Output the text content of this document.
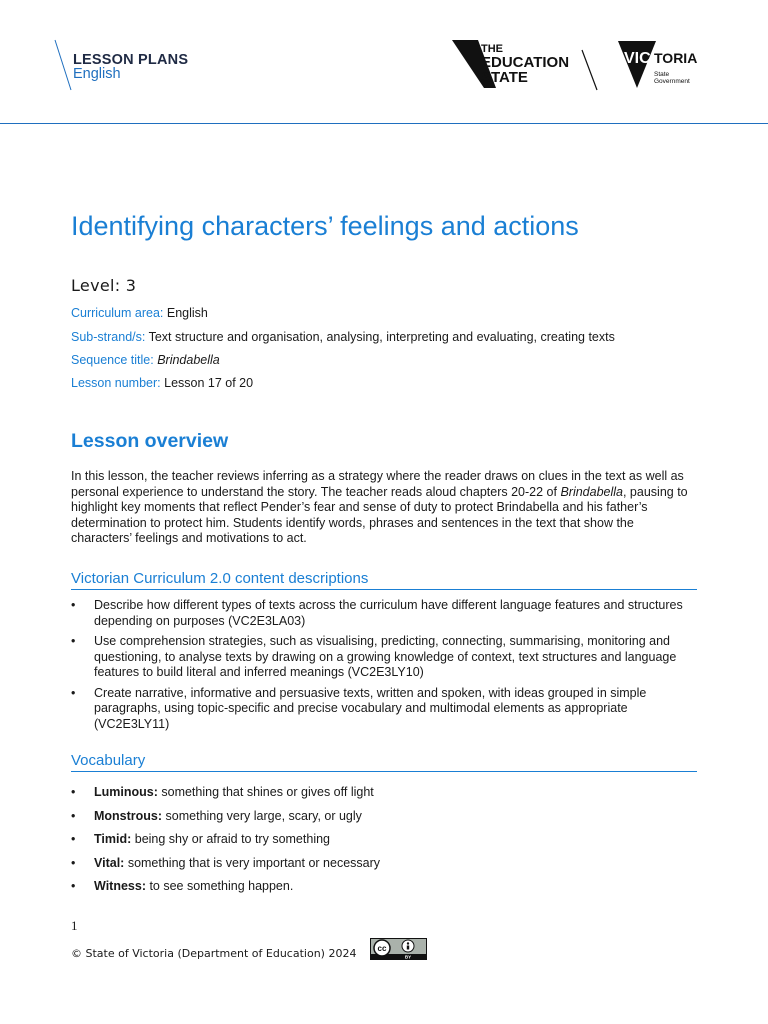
LESSON PLANS
English
THE
EDUCATION
STATE
VIC TORIA
State
Government
Identifying characters’ feelings and actions
Level: 3
Curriculum area: English
Sub-strand/s: Text structure and organisation, analysing, interpreting and evaluating, creating texts
Sequence title: Brindabella
Lesson number: Lesson 17 of 20
Lesson overview

In this lesson, the teacher reviews inferring as a strategy where the reader draws on clues in the text as well as personal experience to understand the story. The teacher reads aloud chapters 20-22 of Brindabella, pausing to highlight key moments that reflect Pender’s fear and sense of duty to protect Brindabella and his father’s determination to protect him. Students identify words, phrases and sentences in the text that show the characters’ feelings and motivations to act.

Victorian Curriculum 2.0 content descriptions
• Describe how different types of texts across the curriculum have different language features and structures depending on purposes (VC2E3LA03)
• Use comprehension strategies, such as visualising, predicting, connecting, summarising, monitoring and questioning, to analyse texts by drawing on a growing knowledge of context, text structures and language features to build literal and inferred meanings (VC2E3LY10)
• Create narrative, informative and persuasive texts, written and spoken, with ideas grouped in simple paragraphs, using topic-specific and precise vocabulary and multimodal elements as appropriate (VC2E3LY11)
Vocabulary
• Luminous: something that shines or gives off light
• Monstrous: something very large, scary, or ugly
• Timid: being shy or afraid to try something
• Vital: something that is very important or necessary
• Witness: to see something happen.
1
© State of Victoria (Department of Education) 2024	cc
BY
